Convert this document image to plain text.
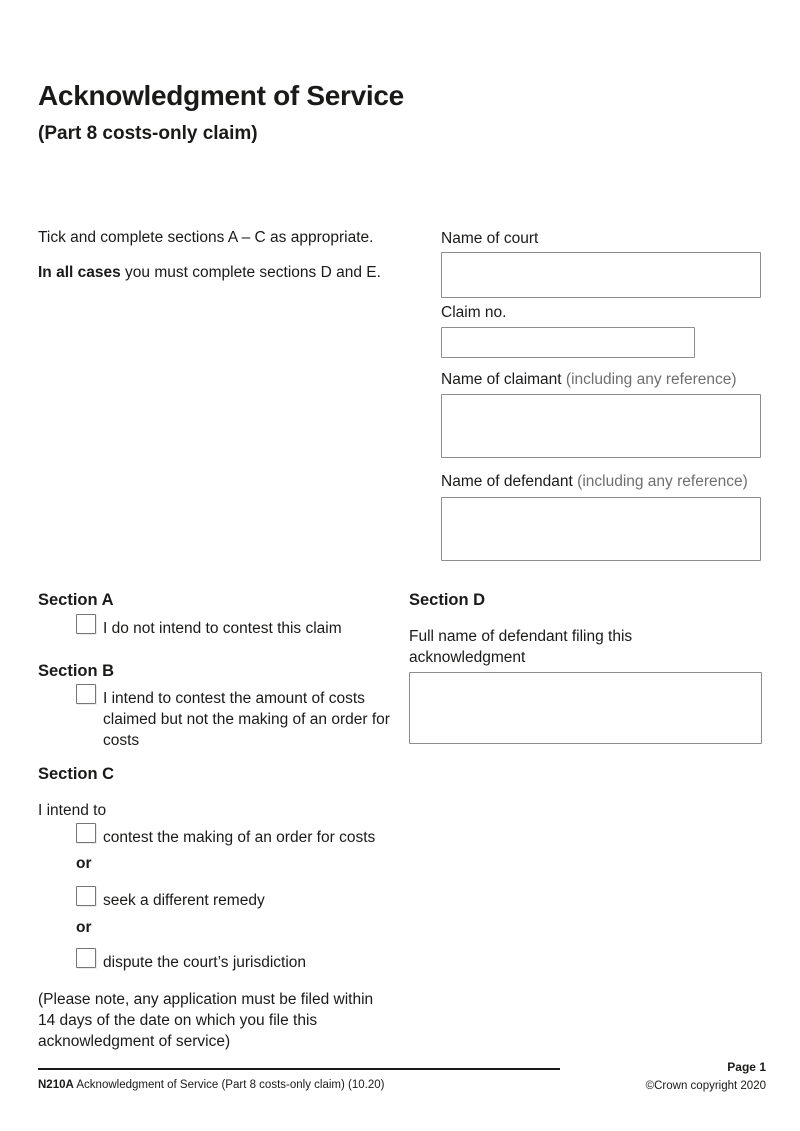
Acknowledgment of Service
(Part 8 costs-only claim)
Tick and complete sections A – C as appropriate.
In all cases you must complete sections D and E.
Name of court
Claim no.
Name of claimant (including any reference)
Name of defendant (including any reference)
Section A
I do not intend to contest this claim
Section B
I intend to contest the amount of costs claimed but not the making of an order for costs
Section C
I intend to
contest the making of an order for costs
or
seek a different remedy
or
dispute the court’s jurisdiction
(Please note, any application must be filed within 14 days of the date on which you file this acknowledgment of service)
Section D
Full name of defendant filing this acknowledgment
N210A Acknowledgment of Service (Part 8 costs-only claim) (10.20)
Page 1
©Crown copyright 2020
